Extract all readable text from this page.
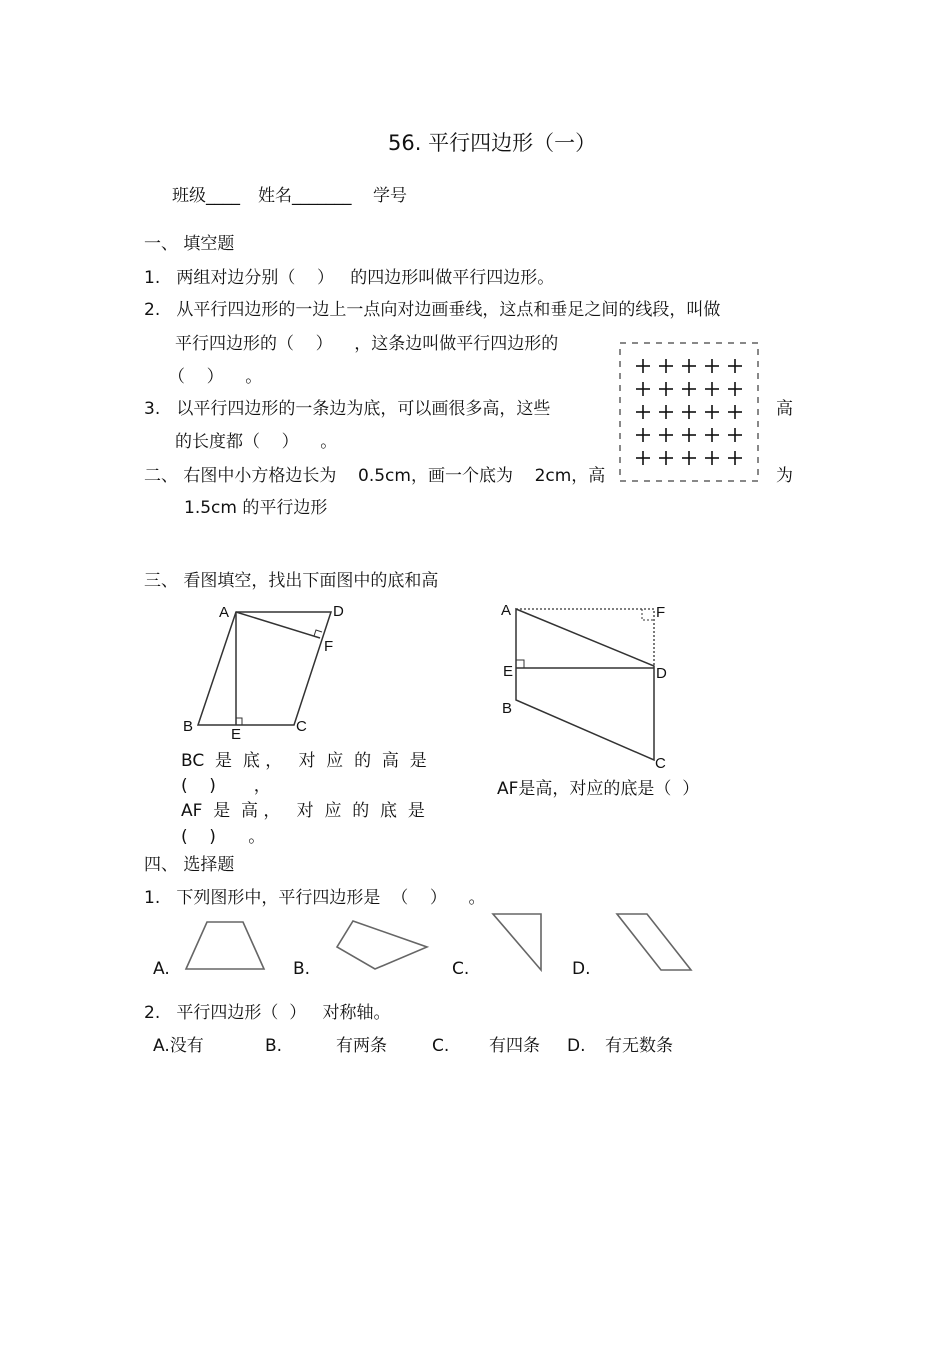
56. 平行四边形（一）
班级____ 姓名_______ 学号
一、 填空题
1.   两组对边分别（    ）   的四边形叫做平行四边形。
2.   从平行四边形的一边上一点向对边画垂线，这点和垂足之间的线段，叫做
平行四边形的（    ）    ，这条边叫做平行四边形的
（    ）    。
3.   以平行四边形的一条边为底，可以画很多高，这些
的长度都（    ）    。
高
二、 右图中小方格边长为    0.5cm，画一个底为    2cm，高	为
1.5cm 的平行边形
三、 看图填空，找出下面图中的底和高
A	D
F
B	E	C
A	F
E	D
B
C
BC  是  底 ，   对  应  的  高  是
(    )       ，
AF  是  高 ，   对  应  的  底  是
(    )      。
AF是高，对应的底是（  ）
四、 选择题
1.   下列图形中，平行四边形是  （    ）    。
A.	B.	C.	D.
2.   平行四边形（  ）   对称轴。
A.没有	B.	有两条	C. 有四条 D. 有无数条
